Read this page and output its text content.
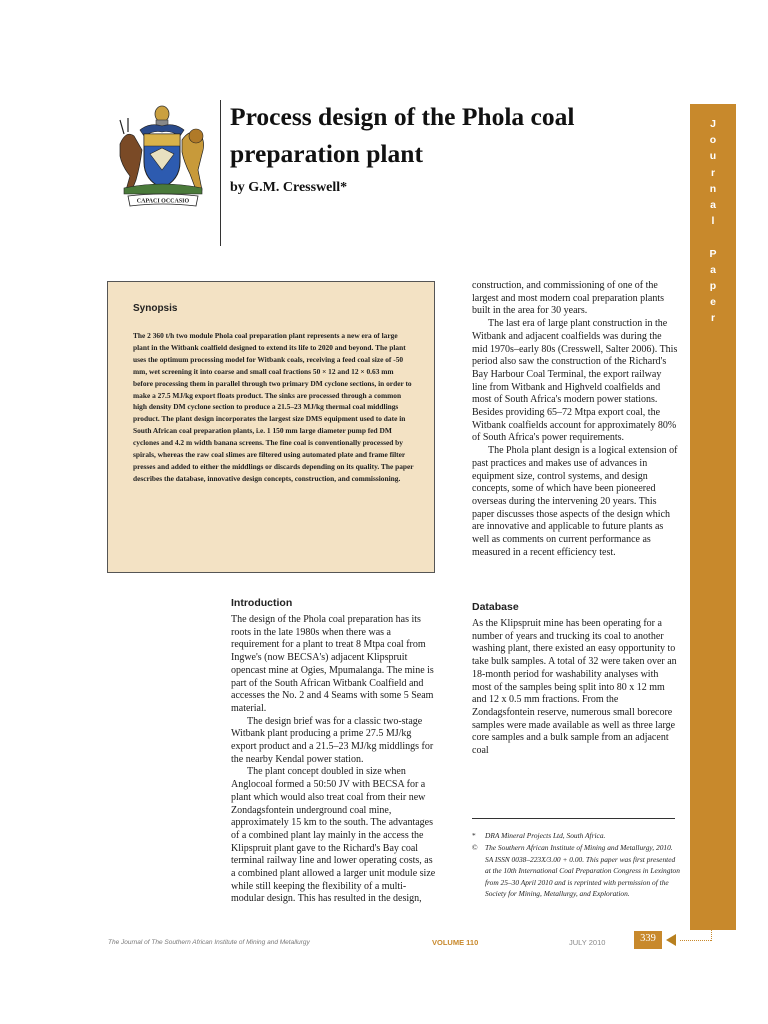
CAPACI OCCASIO
Process design of the Phola coal preparation plant
by G.M. Cresswell*
J
o
u
r
n
a
l

P
a
p
e
r
Synopsis

The 2 360 t/h two module Phola coal preparation plant represents a new era of large plant in the Witbank coalfield designed to extend its life to 2020 and beyond. The plant uses the optimum processing model for Witbank coals, receiving a feed coal size of -50 mm, wet screening it into coarse and small coal fractions 50 × 12 and 12 × 0.63 mm before processing them in parallel through two primary DM cyclone sections, in order to make a 27.5 MJ/kg export floats product. The sinks are processed through a common high density DM cyclone section to produce a 21.5–23 MJ/kg thermal coal middlings product. The plant design incorporates the largest size DMS equipment used to date in South African coal preparation plants, i.e. 1 150 mm large diameter pump fed DM cyclones and 4.2 m width banana screens. The fine coal is conventionally processed by spirals, whereas the raw coal slimes are filtered using automated plate and frame filter presses and added to either the middlings or discards depending on its quality. The paper describes the database, innovative design concepts, construction, and commissioning.

Introduction

The design of the Phola coal preparation has its roots in the late 1980s when there was a requirement for a plant to treat 8 Mtpa coal from Ingwe's (now BECSA's) adjacent Klipspruit opencast mine at Ogies, Mpumalanga. The mine is part of the South African Witbank Coalfield and accesses the No. 2 and 4 Seams with some 5 Seam material.

The design brief was for a classic two-stage Witbank plant producing a prime 27.5 MJ/kg export product and a 21.5–23 MJ/kg middlings for the nearby Kendal power station.

The plant concept doubled in size when Anglocoal formed a 50:50 JV with BECSA for a plant which would also treat coal from their new Zondagsfontein underground coal mine, approximately 15 km to the south. The advantages of a combined plant lay mainly in the access the Klipspruit plant gave to the Richard's Bay coal terminal railway line and lower operating costs, as a combined plant allowed a larger unit module size while still keeping the flexibility of a multi-modular design. This has resulted in the design,

construction, and commissioning of one of the largest and most modern coal preparation plants built in the area for 30 years.

The last era of large plant construction in the Witbank and adjacent coalfields was during the mid 1970s–early 80s (Cresswell, Salter 2006). This period also saw the construction of the Richard's Bay Harbour Coal Terminal, the export railway line from Witbank and Highveld coalfields and most of South Africa's modern power stations. Besides providing 65–72 Mtpa export coal, the Witbank coalfields account for approximately 80% of South Africa's power requirements.

The Phola plant design is a logical extension of past practices and makes use of advances in equipment size, control systems, and design concepts, some of which have been pioneered overseas during the intervening 20 years. This paper discusses those aspects of the design which are innovative and applicable to future plants as well as comments on current performance as measured in a recent efficiency test.

Database

As the Klipspruit mine has been operating for a number of years and trucking its coal to another washing plant, there existed an easy opportunity to take bulk samples. A total of 32 were taken over an 18-month period for washability analyses with most of the samples being split into 80 x 12 mm and 12 x 0.5 mm fractions. From the Zondagsfontein reserve, numerous small borecore samples were made available as well as three large core samples and a bulk sample from an adjacent coal

* DRA Mineral Projects Ltd, South Africa.
© The Southern African Institute of Mining and Metallurgy, 2010. SA ISSN 0038–223X/3.00 + 0.00. This paper was first presented at the 10th International Coal Preparation Congress in Lexington from 25–30 April 2010 and is reprinted with permission of the Society for Mining, Metallurgy, and Exploration.
The Journal of The Southern African Institute of Mining and Metallurgy	VOLUME 110	JULY 2010	339
